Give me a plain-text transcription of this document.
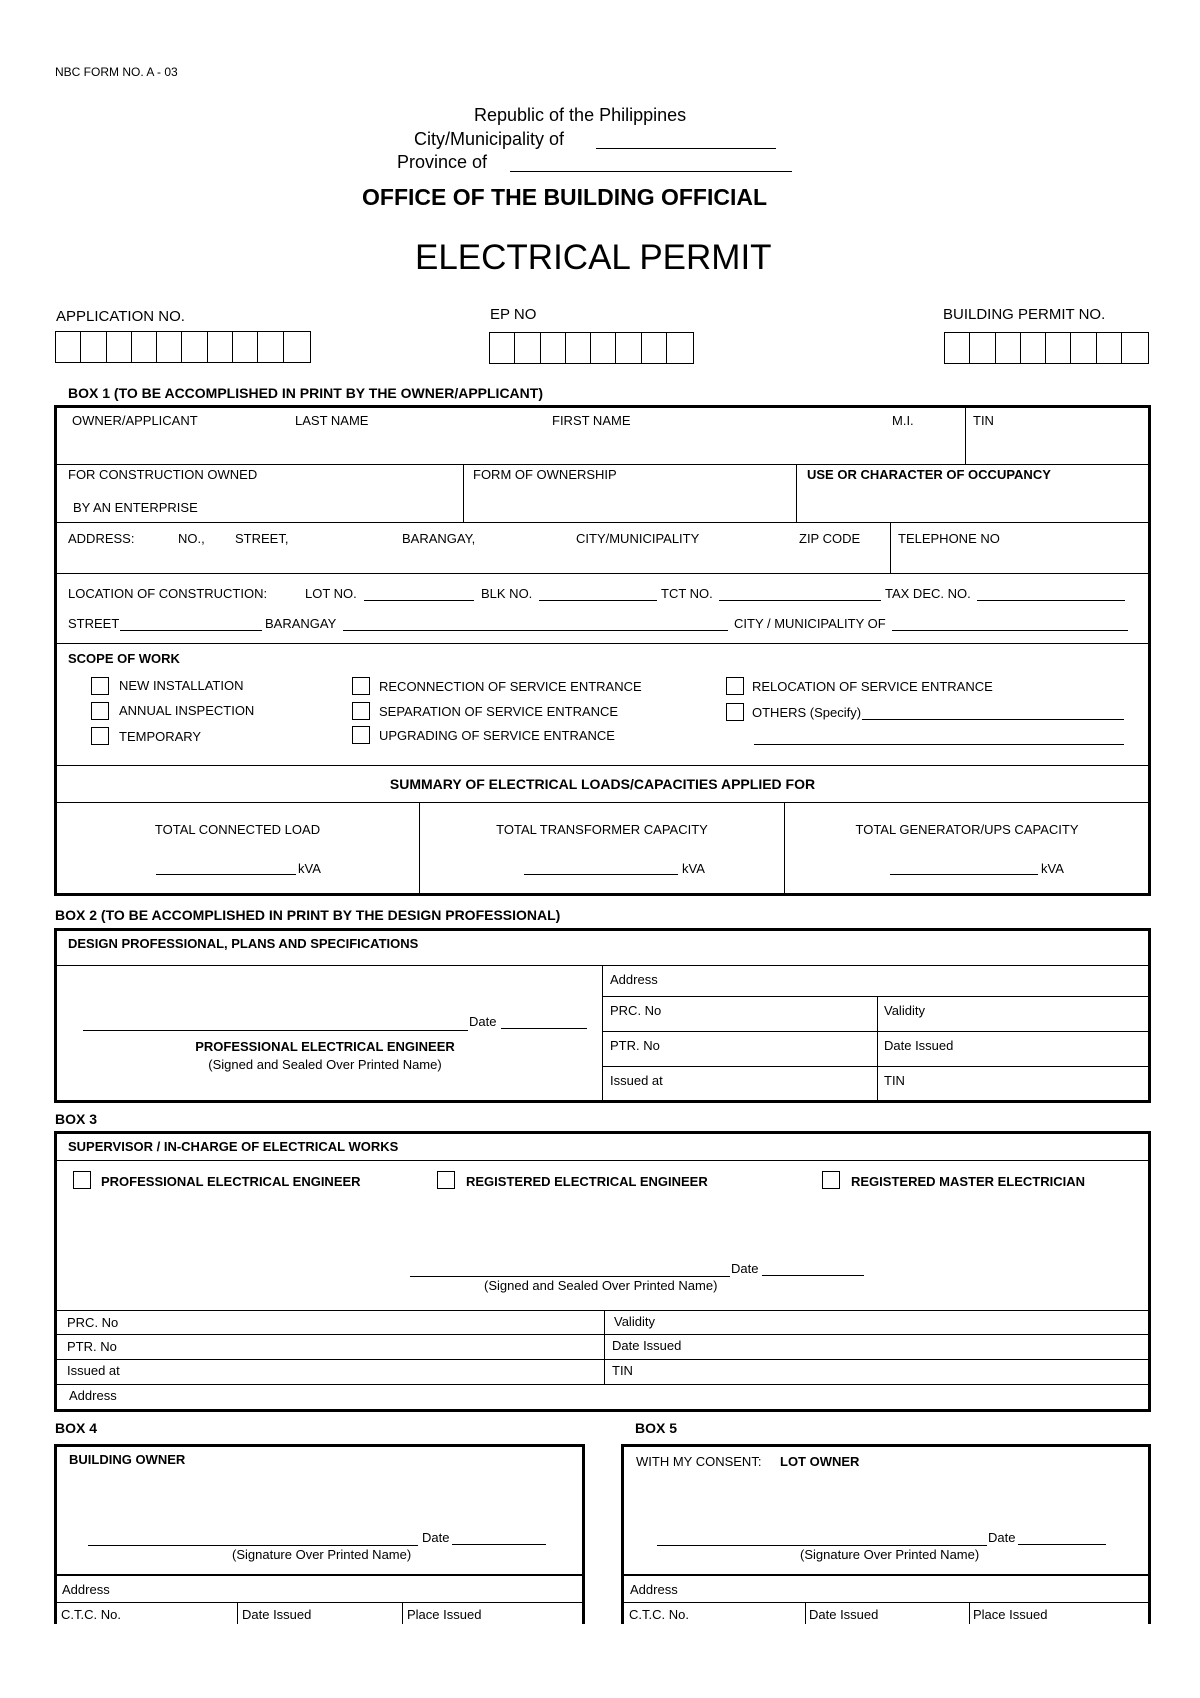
NBC FORM NO. A - 03
Republic of the Philippines
City/Municipality of
Province of
OFFICE OF THE BUILDING OFFICIAL
ELECTRICAL PERMIT
APPLICATION NO.	EP NO	BUILDING PERMIT NO.
BOX 1 (TO BE ACCOMPLISHED IN PRINT BY THE OWNER/APPLICANT)
OWNER/APPLICANT	LAST NAME	FIRST NAME	M.I.	TIN
FOR CONSTRUCTION OWNED
BY AN ENTERPRISE
FORM OF OWNERSHIP	USE OR CHARACTER OF OCCUPANCY
ADDRESS:	NO., STREET,	BARANGAY,	CITY/MUNICIPALITY	ZIP CODE	TELEPHONE NO
LOCATION OF CONSTRUCTION:	LOT NO.	BLK NO.	TCT NO.	TAX DEC. NO.
STREET	BARANGAY	CITY / MUNICIPALITY OF
SCOPE OF WORK
NEW INSTALLATION
ANNUAL INSPECTION
TEMPORARY
RECONNECTION OF SERVICE ENTRANCE
SEPARATION OF SERVICE ENTRANCE
UPGRADING OF SERVICE ENTRANCE
RELOCATION OF SERVICE ENTRANCE
OTHERS (Specify)
SUMMARY OF ELECTRICAL LOADS/CAPACITIES APPLIED FOR
TOTAL CONNECTED LOAD
kVA
TOTAL TRANSFORMER CAPACITY
kVA
TOTAL GENERATOR/UPS CAPACITY
kVA
BOX 2 (TO BE ACCOMPLISHED IN PRINT BY THE DESIGN PROFESSIONAL)
DESIGN PROFESSIONAL, PLANS AND SPECIFICATIONS
Date
PROFESSIONAL ELECTRICAL ENGINEER
(Signed and Sealed Over Printed Name)
Address
PRC. No	Validity
PTR. No	Date Issued
Issued at	TIN
BOX 3
SUPERVISOR / IN-CHARGE OF ELECTRICAL WORKS
PROFESSIONAL ELECTRICAL ENGINEER	REGISTERED ELECTRICAL ENGINEER	REGISTERED MASTER ELECTRICIAN
Date
(Signed and Sealed Over Printed Name)
PRC. No	Validity
PTR. No	Date Issued
Issued at	TIN
Address
BOX 4
BUILDING OWNER
Date
(Signature Over Printed Name)
Address
C.T.C. No.	Date Issued	Place Issued
BOX 5
WITH MY CONSENT: LOT OWNER
Date
(Signature Over Printed Name)
Address
C.T.C. No.	Date Issued	Place Issued
